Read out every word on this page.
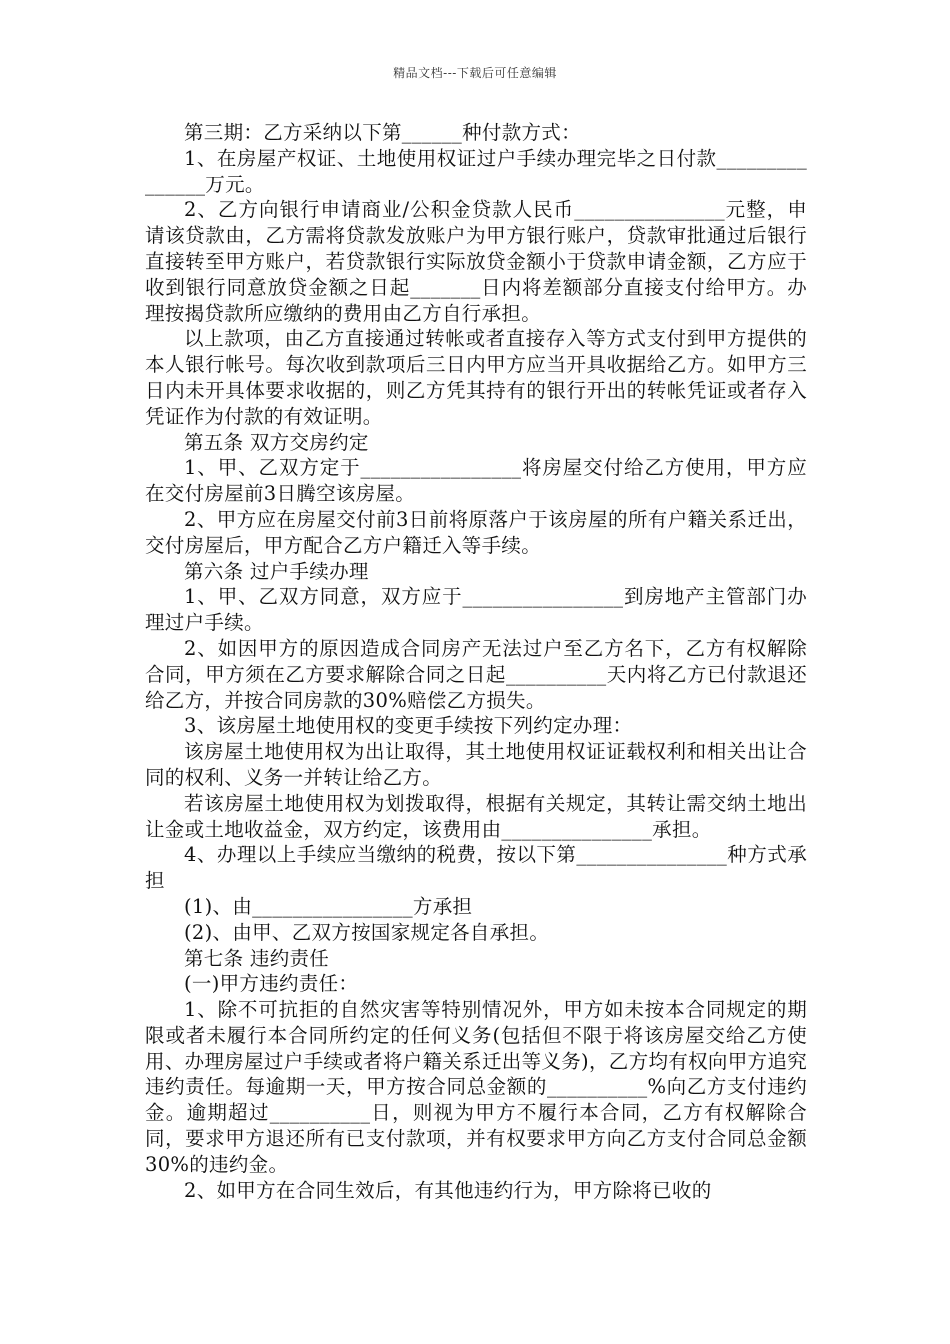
精品文档---下载后可任意编辑

第三期：乙方采纳以下第______种付款方式：

1、在房屋产权证、土地使用权证过户手续办理完毕之日付款_______________万元。

2、乙方向银行申请商业/公积金贷款人民币_______________元整，申请该贷款由，乙方需将贷款发放账户为甲方银行账户，贷款审批通过后银行直接转至甲方账户，若贷款银行实际放贷金额小于贷款申请金额，乙方应于收到银行同意放贷金额之日起_______日内将差额部分直接支付给甲方。办理按揭贷款所应缴纳的费用由乙方自行承担。

以上款项，由乙方直接通过转帐或者直接存入等方式支付到甲方提供的本人银行帐号。每次收到款项后三日内甲方应当开具收据给乙方。如甲方三日内未开具体要求收据的，则乙方凭其持有的银行开出的转帐凭证或者存入凭证作为付款的有效证明。

第五条 双方交房约定

1、甲、乙双方定于________________将房屋交付给乙方使用，甲方应在交付房屋前3日腾空该房屋。

2、甲方应在房屋交付前3日前将原落户于该房屋的所有户籍关系迁出，交付房屋后，甲方配合乙方户籍迁入等手续。

第六条 过户手续办理

1、甲、乙双方同意，双方应于________________到房地产主管部门办理过户手续。

2、如因甲方的原因造成合同房产无法过户至乙方名下，乙方有权解除合同，甲方须在乙方要求解除合同之日起__________天内将乙方已付款退还给乙方，并按合同房款的30%赔偿乙方损失。

3、该房屋土地使用权的变更手续按下列约定办理：

该房屋土地使用权为出让取得，其土地使用权证证载权利和相关出让合同的权利、义务一并转让给乙方。

若该房屋土地使用权为划拨取得，根据有关规定，其转让需交纳土地出让金或土地收益金，双方约定，该费用由_______________承担。

4、办理以上手续应当缴纳的税费，按以下第_______________种方式承担

(1)、由________________方承担

(2)、由甲、乙双方按国家规定各自承担。

第七条 违约责任

(一)甲方违约责任：

1、除不可抗拒的自然灾害等特别情况外，甲方如未按本合同规定的期限或者未履行本合同所约定的任何义务(包括但不限于将该房屋交给乙方使用、办理房屋过户手续或者将户籍关系迁出等义务)，乙方均有权向甲方追究违约责任。每逾期一天，甲方按合同总金额的__________%向乙方支付违约金。逾期超过__________日，则视为甲方不履行本合同，乙方有权解除合同，要求甲方退还所有已支付款项，并有权要求甲方向乙方支付合同总金额30%的违约金。

2、如甲方在合同生效后，有其他违约行为，甲方除将已收的
